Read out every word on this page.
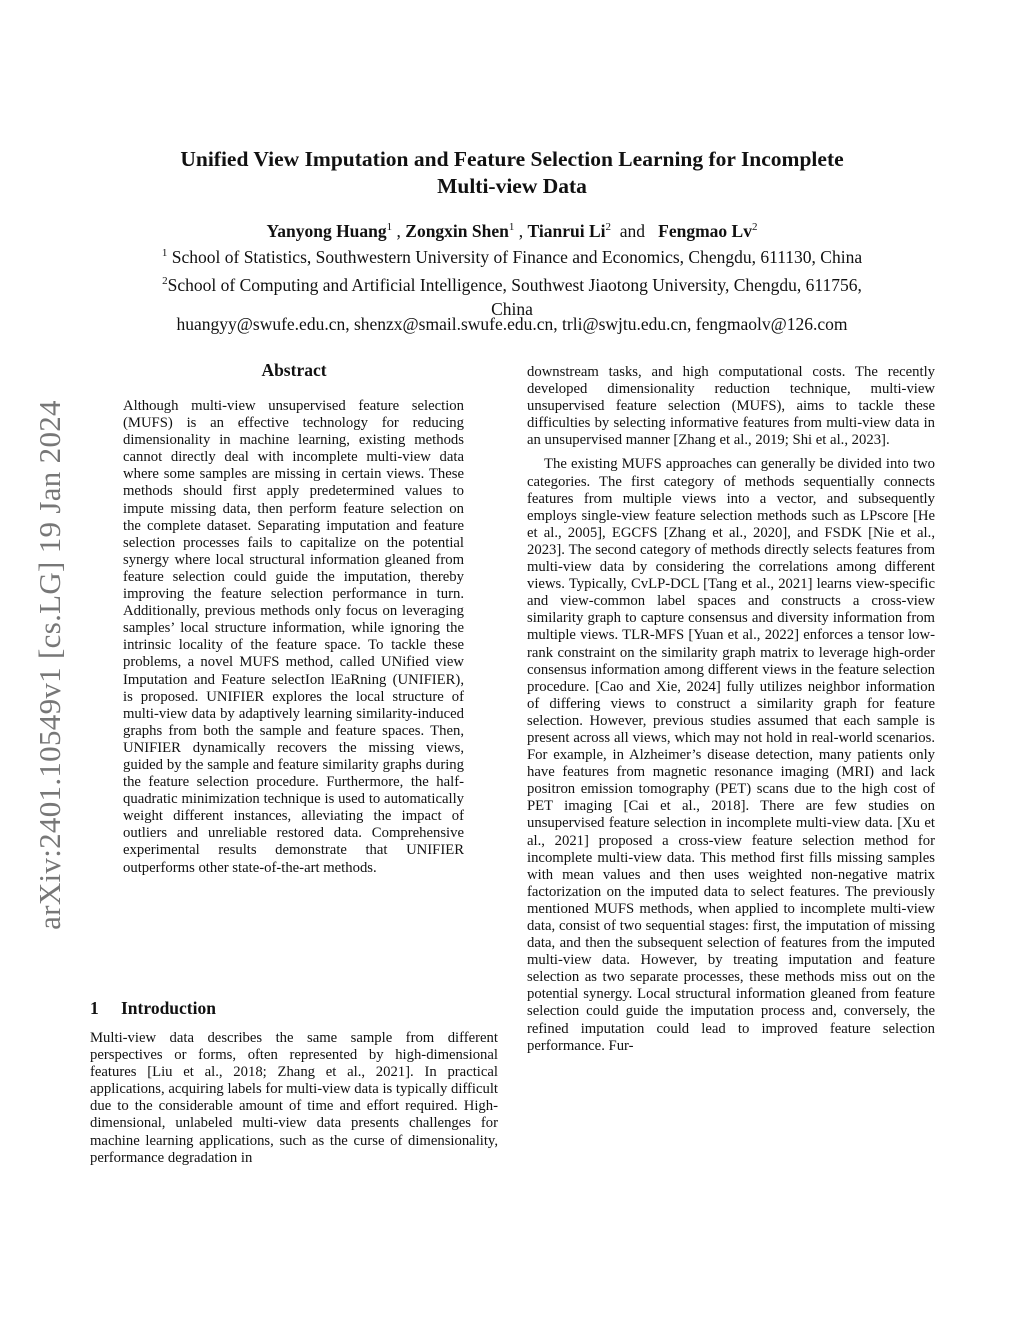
arXiv:2401.10549v1 [cs.LG] 19 Jan 2024
Unified View Imputation and Feature Selection Learning for Incomplete
Multi-view Data
Yanyong Huang$^1$ , Zongxin Shen$^1$ , Tianrui Li$^2$  and   Fengmao Lv$^2$
$^1$ School of Statistics, Southwestern University of Finance and Economics, Chengdu, 611130, China
$^2$School of Computing and Artificial Intelligence, Southwest Jiaotong University, Chengdu, 611756,
China
huangyy@swufe.edu.cn, shenzx@smail.swufe.edu.cn, trli@swjtu.edu.cn, fengmaolv@126.com
Abstract
Although multi-view unsupervised feature selection (MUFS) is an effective technology for reducing dimensionality in machine learning, existing methods cannot directly deal with incomplete multi-view data where some samples are missing in certain views. These methods should first apply predetermined values to impute missing data, then perform feature selection on the complete dataset. Separating imputation and feature selection processes fails to capitalize on the potential synergy where local structural information gleaned from feature selection could guide the imputation, thereby improving the feature selection performance in turn. Additionally, previous methods only focus on leveraging samples’ local structure information, while ignoring the intrinsic locality of the feature space. To tackle these problems, a novel MUFS method, called UNified view Imputation and Feature selectIon lEaRning (UNIFIER), is proposed. UNIFIER explores the local structure of multi-view data by adaptively learning similarity-induced graphs from both the sample and feature spaces. Then, UNIFIER dynamically recovers the missing views, guided by the sample and feature similarity graphs during the feature selection procedure. Furthermore, the half-quadratic minimization technique is used to automatically weight different instances, alleviating the impact of outliers and unreliable restored data. Comprehensive experimental results demonstrate that UNIFIER outperforms other state-of-the-art methods.
1 Introduction

Multi-view data describes the same sample from different perspectives or forms, often represented by high-dimensional features [Liu et al., 2018; Zhang et al., 2021]. In practical applications, acquiring labels for multi-view data is typically difficult due to the considerable amount of time and effort required. High-dimensional, unlabeled multi-view data presents challenges for machine learning applications, such as the curse of dimensionality, performance degradation in

downstream tasks, and high computational costs. The recently developed dimensionality reduction technique, multi-view unsupervised feature selection (MUFS), aims to tackle these difficulties by selecting informative features from multi-view data in an unsupervised manner [Zhang et al., 2019; Shi et al., 2023].

The existing MUFS approaches can generally be divided into two categories. The first category of methods sequentially connects features from multiple views into a vector, and subsequently employs single-view feature selection methods such as LPscore [He et al., 2005], EGCFS [Zhang et al., 2020], and FSDK [Nie et al., 2023]. The second category of methods directly selects features from multi-view data by considering the correlations among different views. Typically, CvLP-DCL [Tang et al., 2021] learns view-specific and view-common label spaces and constructs a cross-view similarity graph to capture consensus and diversity information from multiple views. TLR-MFS [Yuan et al., 2022] enforces a tensor low-rank constraint on the similarity graph matrix to leverage high-order consensus information among different views in the feature selection procedure. [Cao and Xie, 2024] fully utilizes neighbor information of differing views to construct a similarity graph for feature selection. However, previous studies assumed that each sample is present across all views, which may not hold in real-world scenarios. For example, in Alzheimer’s disease detection, many patients only have features from magnetic resonance imaging (MRI) and lack positron emission tomography (PET) scans due to the high cost of PET imaging [Cai et al., 2018]. There are few studies on unsupervised feature selection in incomplete multi-view data. [Xu et al., 2021] proposed a cross-view feature selection method for incomplete multi-view data. This method first fills missing samples with mean values and then uses weighted non-negative matrix factorization on the imputed data to select features. The previously mentioned MUFS methods, when applied to incomplete multi-view data, consist of two sequential stages: first, the imputation of missing data, and then the subsequent selection of features from the imputed multi-view data. However, by treating imputation and feature selection as two separate processes, these methods miss out on the potential synergy. Local structural information gleaned from feature selection could guide the imputation process and, conversely, the refined imputation could lead to improved feature selection performance. Fur-
